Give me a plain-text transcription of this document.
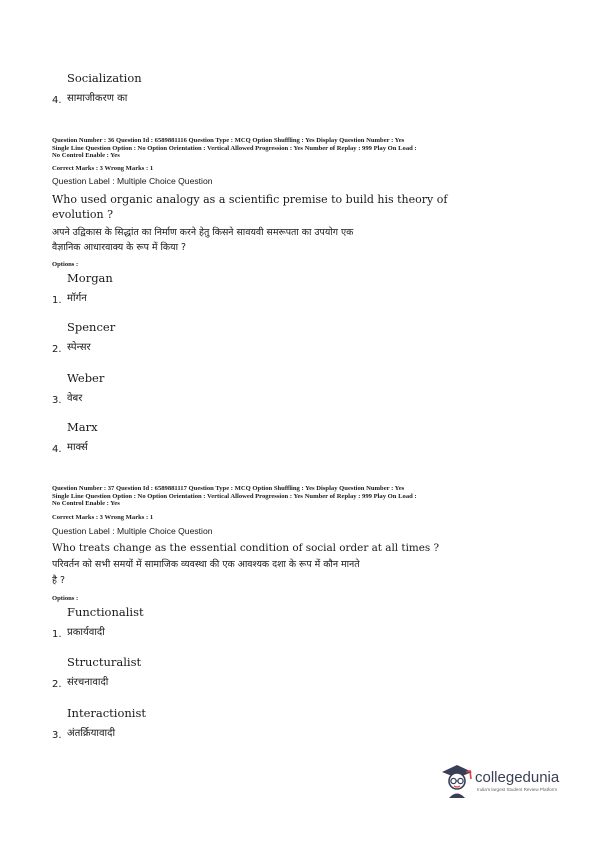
Socialization
सामाजीकरण का
4.
Question Number : 36 Question Id : 6589881116 Question Type : MCQ Option Shuffling : Yes Display Question Number : Yes
Single Line Question Option : No Option Orientation : Vertical Allowed Progression : Yes Number of Replay : 999 Play On Load :
No Control Enable : Yes
Correct Marks : 3 Wrong Marks : 1
Question Label : Multiple Choice Question
Who used organic analogy as a scientific premise to build his theory of
evolution ?
अपने उद्विकास के सिद्धांत का निर्माण करने हेतु किसने सावयवी समरूपता का उपयोग एक
वैज्ञानिक आधारवाक्य के रूप में किया ?
Options :
Morgan
मॉर्गन
1.
Spencer
स्पेन्सर
2.
Weber
वेबर
3.
Marx
मार्क्स
4.
Question Number : 37 Question Id : 6589881117 Question Type : MCQ Option Shuffling : Yes Display Question Number : Yes
Single Line Question Option : No Option Orientation : Vertical Allowed Progression : Yes Number of Replay : 999 Play On Load :
No Control Enable : Yes
Correct Marks : 3 Wrong Marks : 1
Question Label : Multiple Choice Question
Who treats change as the essential condition of social order at all times ?
परिवर्तन को सभी समयों में सामाजिक व्यवस्था की एक आवश्यक दशा के रूप में कौन मानते
है ?
Options :
Functionalist
प्रकार्यवादी
1.
Structuralist
संरचनावादी
2.
Interactionist
अंतर्क्रियावादी
3.
collegedunia
India's largest Student Review Platform
